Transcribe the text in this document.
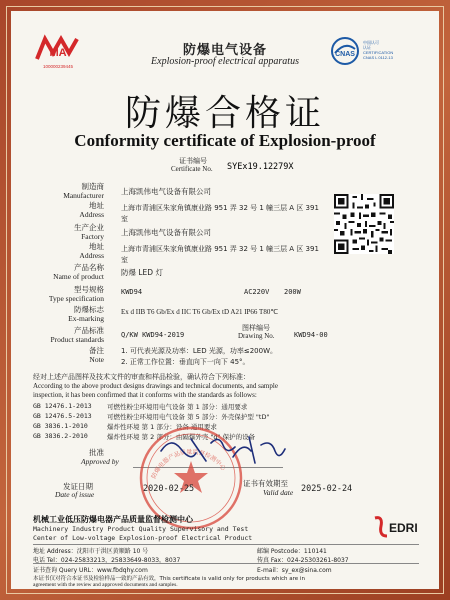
MA
100000239445
CNAS
中国认可
认证
CERTIFICATION
CNAS L 0112-13
防爆电气设备
Explosion-proof electrical apparatus
防爆合格证
Conformity certificate of Explosion-proof
证书编号
Certificate No. SYEx19.12279X
制造商
Manufacturer 上海凯伟电气设备有限公司
地址
Address
上海市青浦区朱家角镇康业路 951 弄 32 号 1 幢三层 A 区 391
室
生产企业
Factory 上海凯伟电气设备有限公司
地址
Address
上海市青浦区朱家角镇康业路 951 弄 32 号 1 幢三层 A 区 391
室
产品名称
Name of product 防爆 LED 灯
型号规格
Type specification
KWD94	AC220V 200W
防爆标志
Ex-marking
Ex d IIB T6 Gb/Ex d IIC T6 Gb/Ex tD A21 IP66 T80℃
产品标准
Product standards Q/KW KWD94-2019
图样编号
Drawing No.	KWD94-00
备注
Note
1. 可代表光源及功率：LED 光源，功率≤200W。
2. 正常工作位置：垂直向下一向下 45°。
经对上述产品图样及技术文件的审查和样品检验，确认符合下列标准：
According to the above product designs drawings and technical documents, and sample
inspection, it has been confirmed that it conforms with the standards as follows:
GB 12476.1-2013 可燃性粉尘环境用电气设备 第 1 部分：通用要求
GB 12476.5-2013 可燃性粉尘环境用电气设备 第 5 部分：外壳保护型 "tD"
GB 3836.1-2010	爆炸性环境 第 1 部分：设备 通用要求
GB 3836.2-2010	爆炸性环境 第 2 部分：由隔爆外壳 "d" 保护的设备
批准
Approved by
防爆电器产品质量监督检测中心
发证日期
Date of issue
2020-02-25
证书有效期至
Valid date 2025-02-24
机械工业低压防爆电器产品质量监督检测中心
Machinery Industry Product Quality Supervisory and Test
Center of Low-voltage Explosion-proof Electrical Product
EDRI
地址 Address：沈阳市于洪区黄顺路 10 号	邮编 Postcode：110141
电话 Tel：024-25833213，25833649-8033，8037	传真 Fax：024-25303261-8037
证书查询 Query URL：www.fbdqhy.com	E-mail：sy_ex@sina.com
本证书仅对符合本证书及检验样品一致的产品有效，This certificate is valid only for products which are in
agreement with the review and approved documents and samples.
